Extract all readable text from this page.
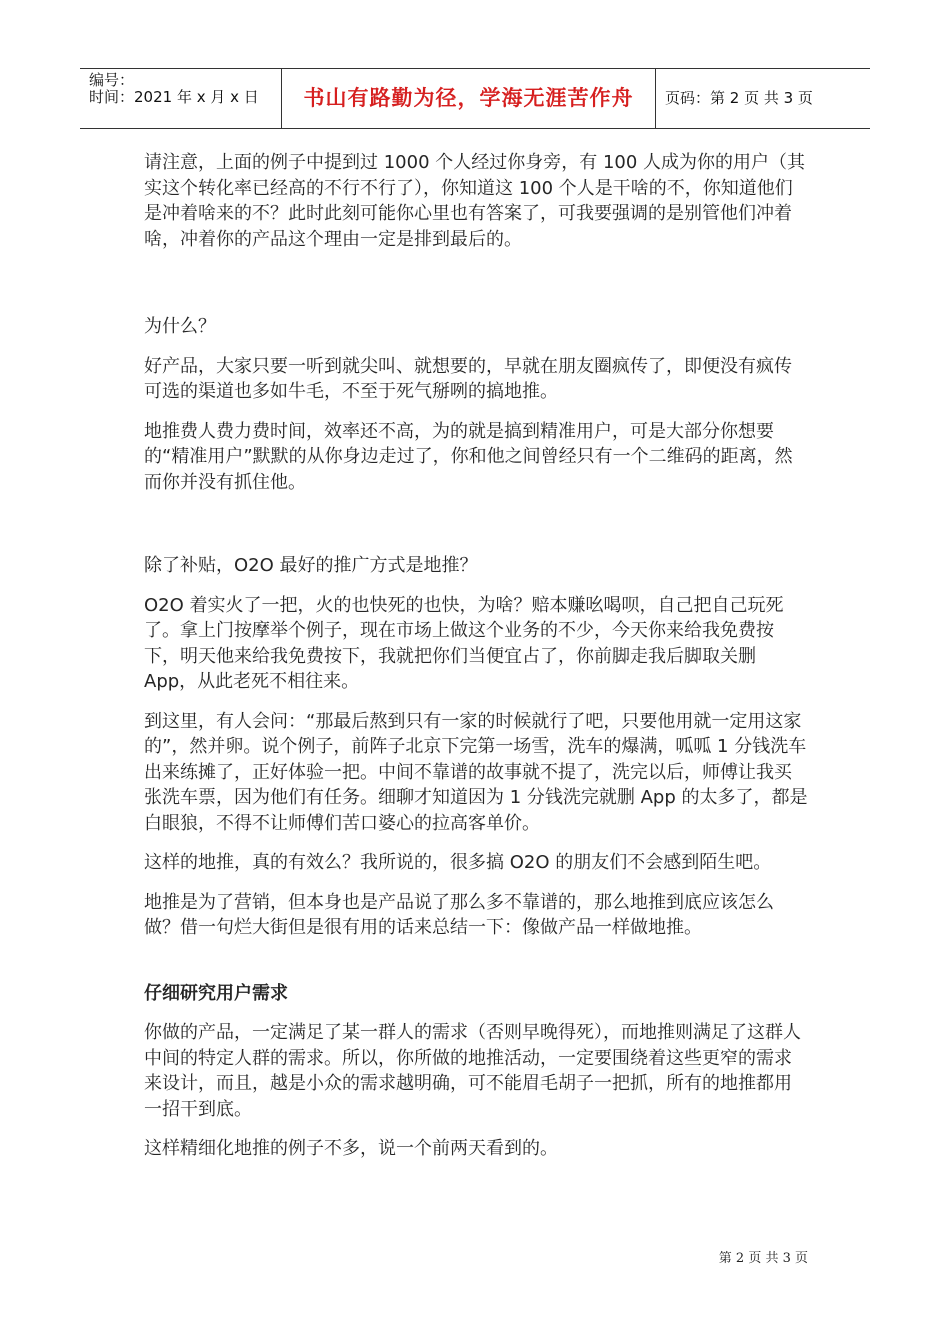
编号：
时间：2021 年 x 月 x 日	书山有路勤为径，学海无涯苦作舟	页码：第 2 页 共 3 页

请注意，上面的例子中提到过 1000 个人经过你身旁，有 100 人成为你的用户（其实这个转化率已经高的不行不行了），你知道这 100 个人是干啥的不，你知道他们是冲着啥来的不？此时此刻可能你心里也有答案了，可我要强调的是别管他们冲着啥，冲着你的产品这个理由一定是排到最后的。

为什么？

好产品，大家只要一听到就尖叫、就想要的，早就在朋友圈疯传了，即便没有疯传可选的渠道也多如牛毛，不至于死气掰咧的搞地推。

地推费人费力费时间，效率还不高，为的就是搞到精准用户，可是大部分你想要的“精准用户”默默的从你身边走过了，你和他之间曾经只有一个二维码的距离，然而你并没有抓住他。

除了补贴，O2O 最好的推广方式是地推？

O2O 着实火了一把，火的也快死的也快，为啥？赔本赚吆喝呗，自己把自己玩死了。拿上门按摩举个例子，现在市场上做这个业务的不少，今天你来给我免费按下，明天他来给我免费按下，我就把你们当便宜占了，你前脚走我后脚取关删 App，从此老死不相往来。

到这里，有人会问：“那最后熬到只有一家的时候就行了吧，只要他用就一定用这家的”，然并卵。说个例子，前阵子北京下完第一场雪，洗车的爆满，呱呱 1 分钱洗车出来练摊了，正好体验一把。中间不靠谱的故事就不提了，洗完以后，师傅让我买张洗车票，因为他们有任务。细聊才知道因为 1 分钱洗完就删 App 的太多了，都是白眼狼，不得不让师傅们苦口婆心的拉高客单价。

这样的地推，真的有效么？我所说的，很多搞 O2O 的朋友们不会感到陌生吧。

地推是为了营销，但本身也是产品说了那么多不靠谱的，那么地推到底应该怎么做？借一句烂大街但是很有用的话来总结一下：像做产品一样做地推。

仔细研究用户需求

你做的产品，一定满足了某一群人的需求（否则早晚得死），而地推则满足了这群人中间的特定人群的需求。所以，你所做的地推活动，一定要围绕着这些更窄的需求来设计，而且，越是小众的需求越明确，可不能眉毛胡子一把抓，所有的地推都用一招干到底。

这样精细化地推的例子不多，说一个前两天看到的。

第 2 页 共 3 页
